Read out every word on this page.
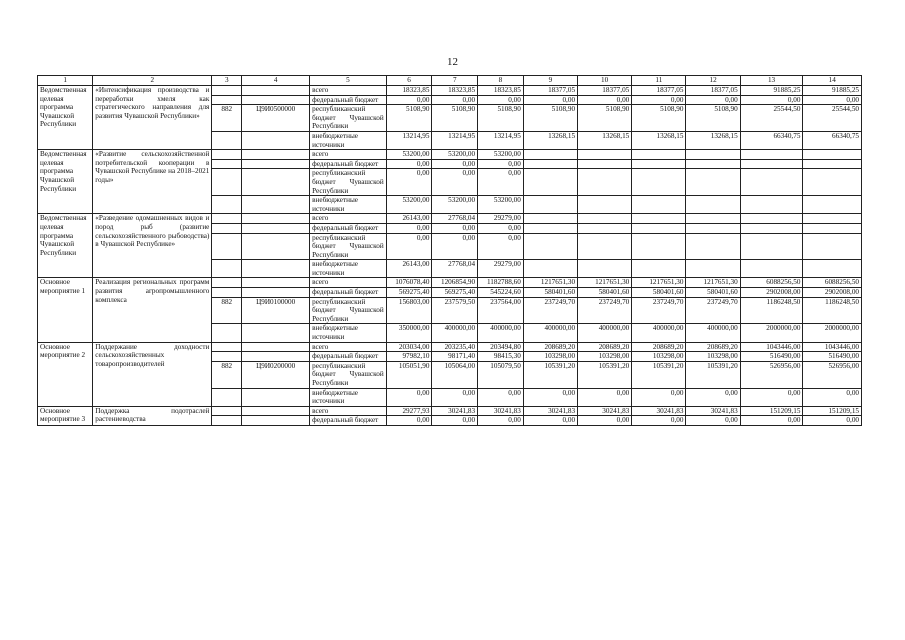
12
1	2	3	4	5	6	7	8	9	10	11	12	13	14
Ведомственная целевая программа Чувашской Республики	«Интенсификация производства и переработки хмеля как стратегического направления для развития Чувашской Республики»			всего	18323,85	18323,85	18323,85	18377,05	18377,05	18377,05	18377,05	91885,25	91885,25
				федеральный бюджет	0,00	0,00	0,00	0,00	0,00	0,00	0,00	0,00	0,00
		882	Ц9И0500000	республиканский бюджет Чувашской Республики	5108,90	5108,90	5108,90	5108,90	5108,90	5108,90	5108,90	25544,50	25544,50
				внебюджетные источники	13214,95	13214,95	13214,95	13268,15	13268,15	13268,15	13268,15	66340,75	66340,75
Ведомственная целевая программа Чувашской Республики	«Развитие сельскохозяйственной потребительской кооперации в Чувашской Республике на 2018–2021 годы»			всего	53200,00	53200,00	53200,00						
				федеральный бюджет	0,00	0,00	0,00						
				республиканский бюджет Чувашской Республики	0,00	0,00	0,00						
				внебюджетные источники	53200,00	53200,00	53200,00						
Ведомственная целевая программа Чувашской Республики	«Разведение одомашненных видов и пород рыб (развитие сельскохозяйственного рыбоводства) в Чувашской Республике»			всего	26143,00	27768,04	29279,00						
				федеральный бюджет	0,00	0,00	0,00						
				республиканский бюджет Чувашской Республики	0,00	0,00	0,00						
				внебюджетные источники	26143,00	27768,04	29279,00						
Основное мероприятие 1	Реализация региональных программ развития агропромышленного комплекса			всего	1076078,40	1206854,90	1182788,60	1217651,30	1217651,30	1217651,30	1217651,30	6088256,50	6088256,50
				федеральный бюджет	569275,40	569275,40	545224,60	580401,60	580401,60	580401,60	580401,60	2902008,00	2902008,00
		882	Ц9И0100000	республиканский бюджет Чувашской Республики	156803,00	237579,50	237564,00	237249,70	237249,70	237249,70	237249,70	1186248,50	1186248,50
				внебюджетные источники	350000,00	400000,00	400000,00	400000,00	400000,00	400000,00	400000,00	2000000,00	2000000,00
Основное мероприятие 2	Поддержание доходности сельскохозяйственных товаропроизводителей			всего	203034,00	203235,40	203494,80	208689,20	208689,20	208689,20	208689,20	1043446,00	1043446,00
				федеральный бюджет	97982,10	98171,40	98415,30	103298,00	103298,00	103298,00	103298,00	516490,00	516490,00
		882	Ц9И0200000	республиканский бюджет Чувашской Республики	105051,90	105064,00	105079,50	105391,20	105391,20	105391,20	105391,20	526956,00	526956,00
				внебюджетные источники	0,00	0,00	0,00	0,00	0,00	0,00	0,00	0,00	0,00
Основное мероприятие 3	Поддержка подотраслей растениеводства			всего	29277,93	30241,83	30241,83	30241,83	30241,83	30241,83	30241,83	151209,15	151209,15
				федеральный бюджет	0,00	0,00	0,00	0,00	0,00	0,00	0,00	0,00	0,00
